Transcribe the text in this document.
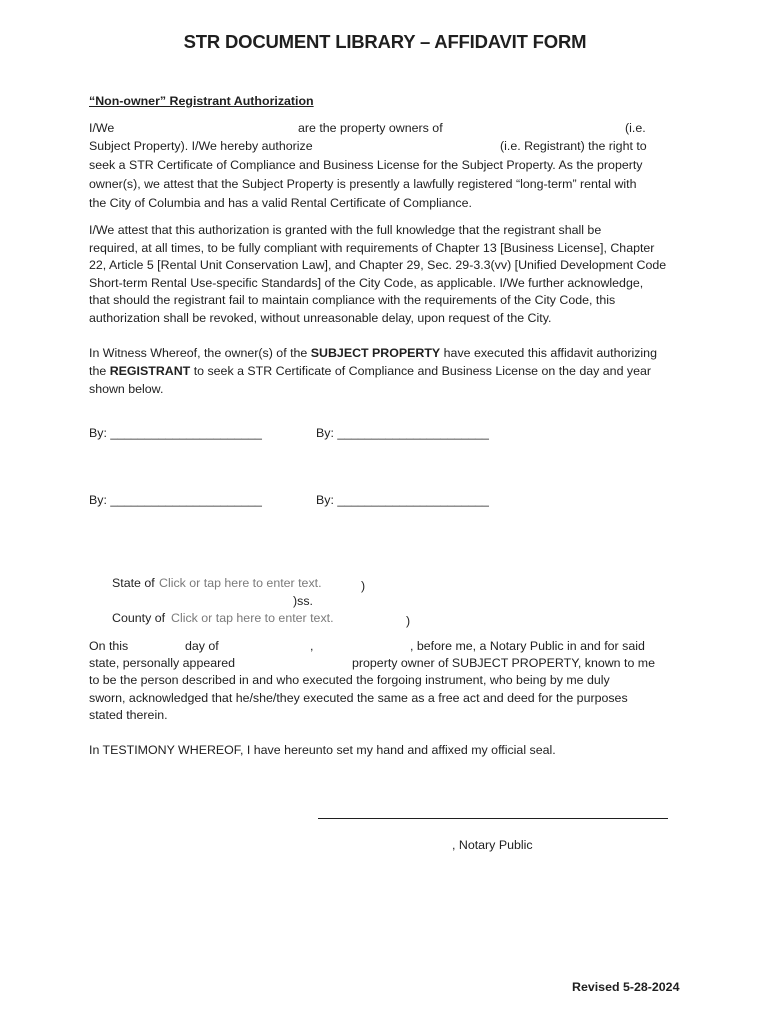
STR DOCUMENT LIBRARY – AFFIDAVIT FORM
“Non-owner” Registrant Authorization
I/We	are the property owners of	(i.e.
Subject Property). I/We hereby authorize	(i.e. Registrant) the right to
seek a STR Certificate of Compliance and Business License for the Subject Property. As the property
owner(s), we attest that the Subject Property is presently a lawfully registered “long-term” rental with
the City of Columbia and has a valid Rental Certificate of Compliance.
I/We attest that this authorization is granted with the full knowledge that the registrant shall be
required, at all times, to be fully compliant with requirements of Chapter 13 [Business License], Chapter
22, Article 5 [Rental Unit Conservation Law], and Chapter 29, Sec. 29-3.3(vv) [Unified Development Code
Short-term Rental Use-specific Standards] of the City Code, as applicable. I/We further acknowledge,
that should the registrant fail to maintain compliance with the requirements of the City Code, this
authorization shall be revoked, without unreasonable delay, upon request of the City.
In Witness Whereof, the owner(s) of the SUBJECT PROPERTY have executed this affidavit authorizing
the REGISTRANT to seek a STR Certificate of Compliance and Business License on the day and year
shown below.
By: ______________________	By: ______________________
By: ______________________	By: ______________________
State of Click or tap here to enter text.	)
)ss.
County of Click or tap here to enter text.	)
On this	day of	,	, before me, a Notary Public in and for said
state, personally appeared	property owner of SUBJECT PROPERTY, known to me
to be the person described in and who executed the forgoing instrument, who being by me duly
sworn, acknowledged that he/she/they executed the same as a free act and deed for the purposes
stated therein.
In TESTIMONY WHEREOF, I have hereunto set my hand and affixed my official seal.
, Notary Public
Revised 5-28-2024
